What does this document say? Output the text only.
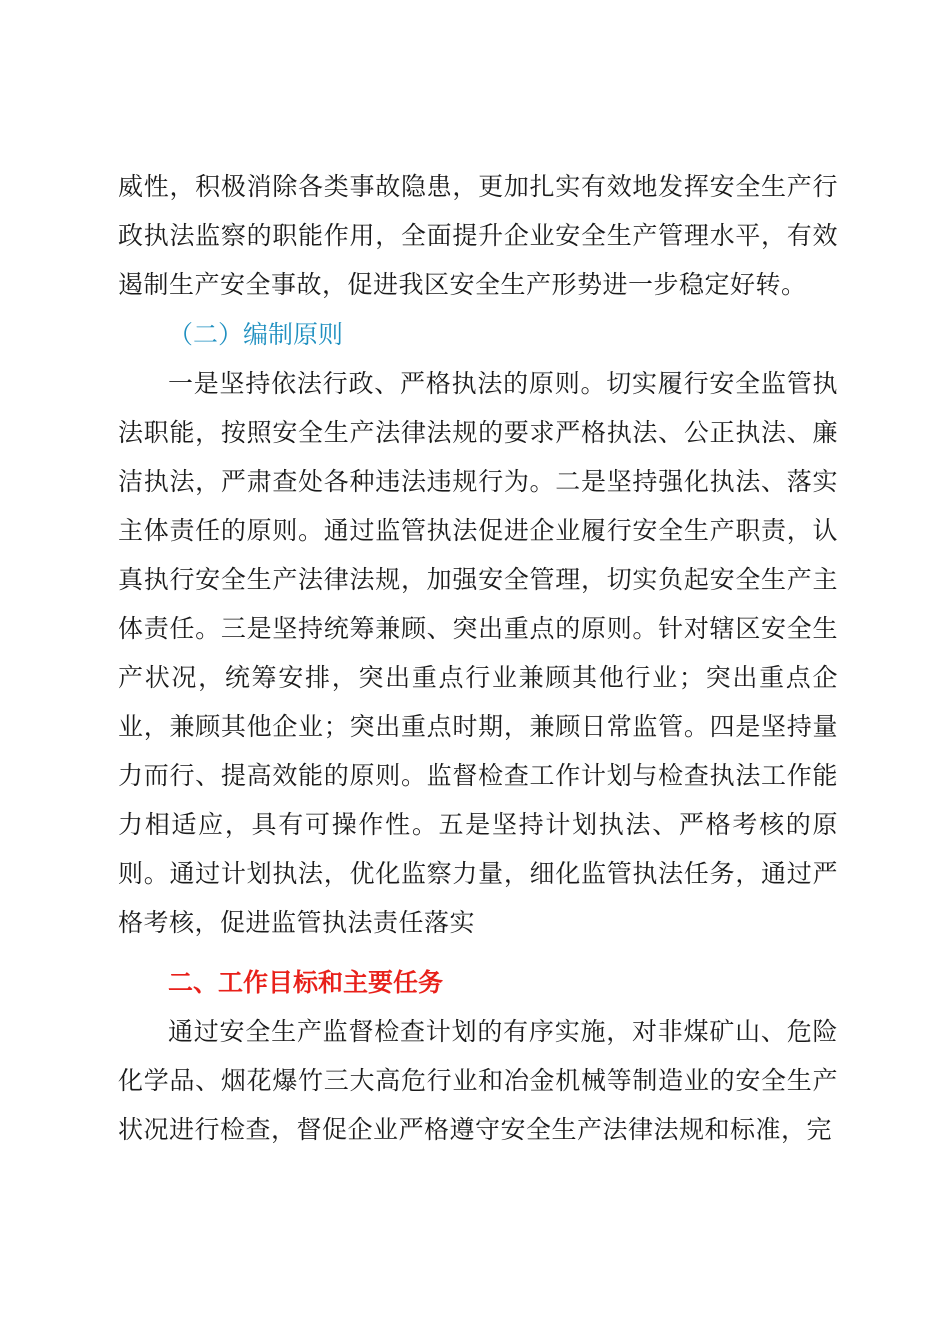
威性，积极消除各类事故隐患，更加扎实有效地发挥安全生产行政执法监察的职能作用，全面提升企业安全生产管理水平，有效遏制生产安全事故，促进我区安全生产形势进一步稳定好转。

（二）编制原则

一是坚持依法行政、严格执法的原则。切实履行安全监管执法职能，按照安全生产法律法规的要求严格执法、公正执法、廉洁执法，严肃查处各种违法违规行为。二是坚持强化执法、落实主体责任的原则。通过监管执法促进企业履行安全生产职责，认真执行安全生产法律法规，加强安全管理，切实负起安全生产主体责任。三是坚持统筹兼顾、突出重点的原则。针对辖区安全生产状况，统筹安排，突出重点行业兼顾其他行业；突出重点企业，兼顾其他企业；突出重点时期，兼顾日常监管。四是坚持量力而行、提高效能的原则。监督检查工作计划与检查执法工作能力相适应，具有可操作性。五是坚持计划执法、严格考核的原则。通过计划执法，优化监察力量，细化监管执法任务，通过严格考核，促进监管执法责任落实

二、工作目标和主要任务

通过安全生产监督检查计划的有序实施，对非煤矿山、危险化学品、烟花爆竹三大高危行业和冶金机械等制造业的安全生产状况进行检查，督促企业严格遵守安全生产法律法规和标准，完
